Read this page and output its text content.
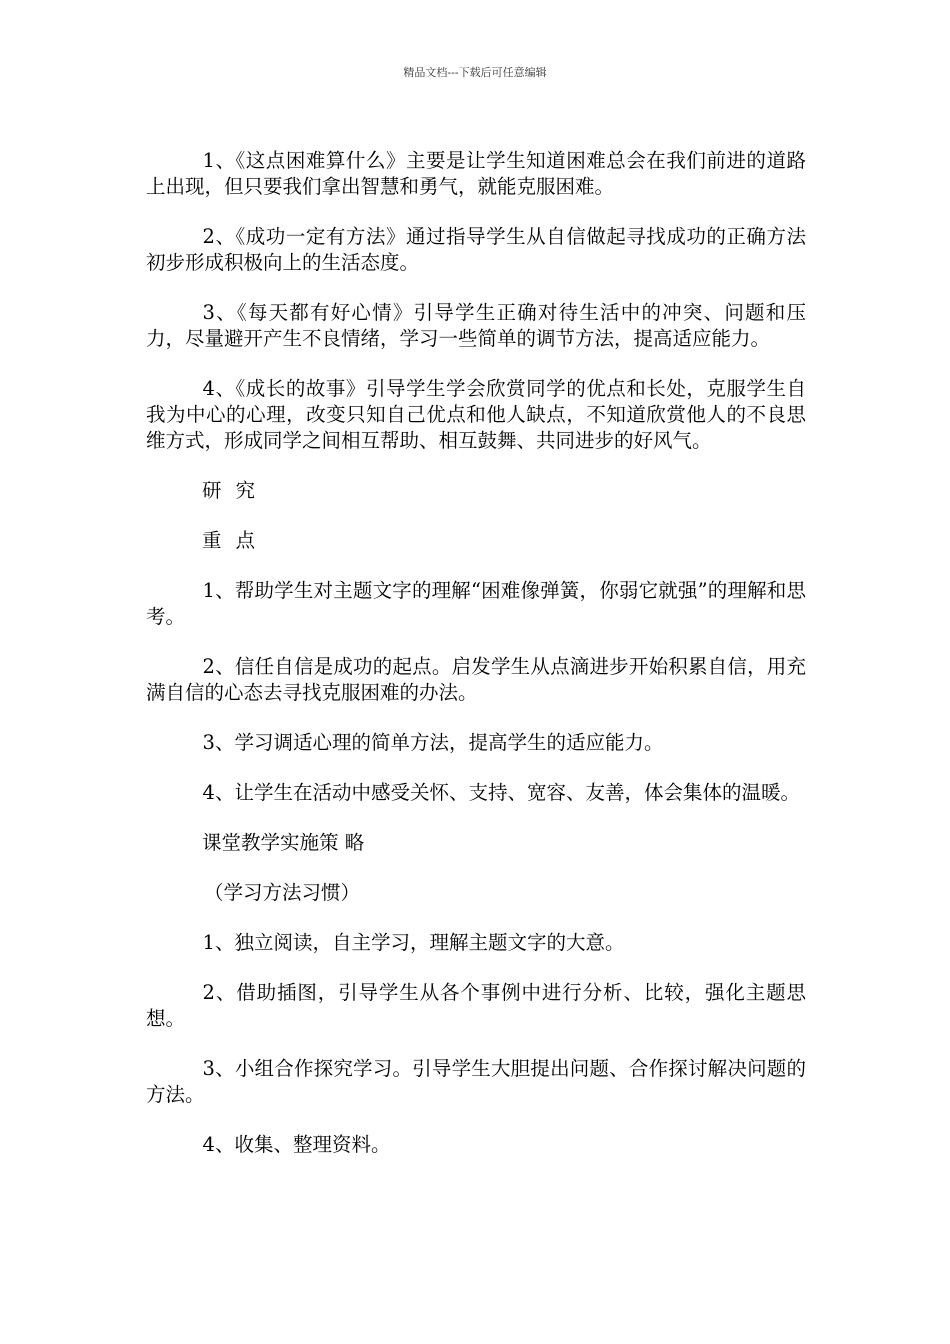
精品文档---下载后可任意编辑

1、《这点困难算什么》主要是让学生知道困难总会在我们前进的道路上出现，但只要我们拿出智慧和勇气，就能克服困难。

2、《成功一定有方法》通过指导学生从自信做起寻找成功的正确方法初步形成积极向上的生活态度。

3、《每天都有好心情》引导学生正确对待生活中的冲突、问题和压力，尽量避开产生不良情绪，学习一些简单的调节方法，提高适应能力。

4、《成长的故事》引导学生学会欣赏同学的优点和长处，克服学生自我为中心的心理，改变只知自己优点和他人缺点，不知道欣赏他人的不良思维方式，形成同学之间相互帮助、相互鼓舞、共同进步的好风气。

研 究

重 点

1、帮助学生对主题文字的理解“困难像弹簧，你弱它就强”的理解和思考。

2、信任自信是成功的起点。启发学生从点滴进步开始积累自信，用充满自信的心态去寻找克服困难的办法。

3、学习调适心理的简单方法，提高学生的适应能力。

4、让学生在活动中感受关怀、支持、宽容、友善，体会集体的温暖。

课堂教学实施策 略

（学习方法习惯）

1、独立阅读，自主学习，理解主题文字的大意。

2、借助插图，引导学生从各个事例中进行分析、比较，强化主题思想。

3、小组合作探究学习。引导学生大胆提出问题、合作探讨解决问题的方法。

4、收集、整理资料。
